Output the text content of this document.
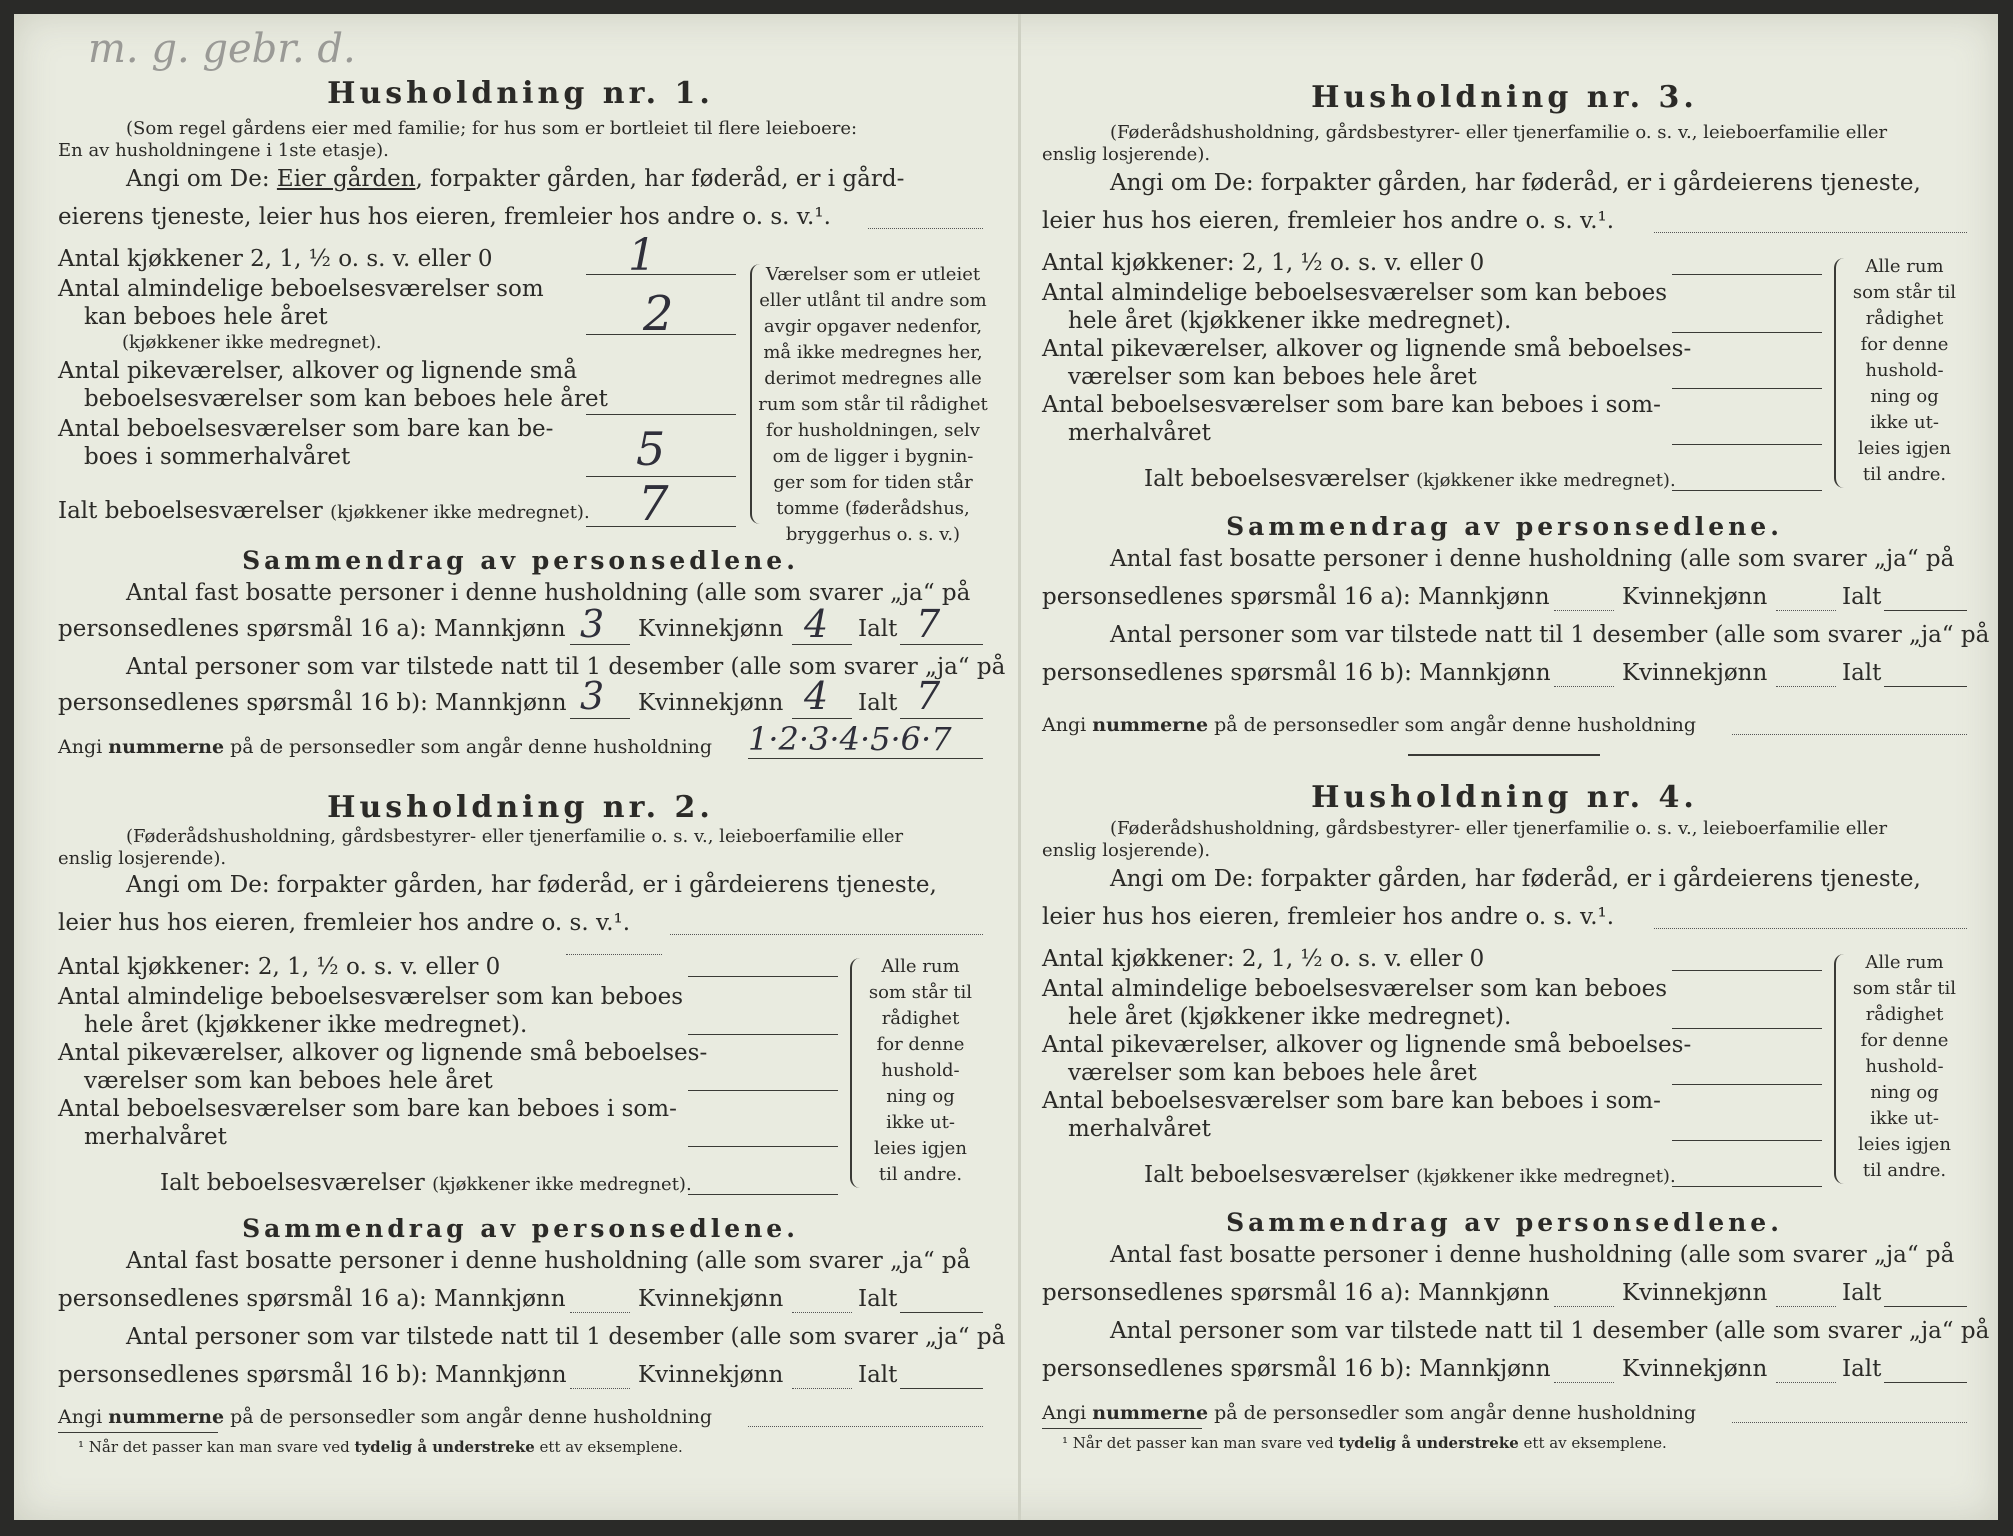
m. g. gebr. d.
Husholdning nr. 1.
(Som regel gårdens eier med familie; for hus som er bortleiet til flere leieboere:
En av husholdningene i 1ste etasje).
Angi om De: Eier gården, forpakter gården, har føderåd, er i gård-
eierens tjeneste, leier hus hos eieren, fremleier hos andre o. s. v.¹.
Antal kjøkkener 2, 1, ½ o. s. v. eller 0	1
Antal almindelige beboelsesværelser som
kan beboes hele året
(kjøkkener ikke medregnet).
2
Antal pikeværelser, alkover og lignende små
beboelsesværelser som kan beboes hele året
Antal beboelsesværelser som bare kan be-
boes i sommerhalvåret	5
Ialt beboelsesværelser (kjøkkener ikke medregnet). 7
Værelser som er utleiet
eller utlånt til andre som
avgir opgaver nedenfor,
må ikke medregnes her,
derimot medregnes alle
rum som står til rådighet
for husholdningen, selv
om de ligger i bygnin-
ger som for tiden står
tomme (føderådshus,
bryggerhus o. s. v.)
Sammendrag av personsedlene.
Antal fast bosatte personer i denne husholdning (alle som svarer „ja“ på
personsedlenes spørsmål 16 a): Mannkjønn 3 Kvinnekjønn 4 Ialt 7
Antal personer som var tilstede natt til 1 desember (alle som svarer „ja“ på
personsedlenes spørsmål 16 b): Mannkjønn 3 Kvinnekjønn 4 Ialt 7
Angi nummerne på de personsedler som angår denne husholdning 1·2·3·4·5·6·7
Husholdning nr. 2.
(Føderådshusholdning, gårdsbestyrer- eller tjenerfamilie o. s. v., leieboerfamilie eller
enslig losjerende).
Angi om De: forpakter gården, har føderåd, er i gårdeierens tjeneste,
leier hus hos eieren, fremleier hos andre o. s. v.¹.
Antal kjøkkener: 2, 1, ½ o. s. v. eller 0
Antal almindelige beboelsesværelser som kan beboes
hele året (kjøkkener ikke medregnet).
Antal pikeværelser, alkover og lignende små beboelses-
værelser som kan beboes hele året
Antal beboelsesværelser som bare kan beboes i som-
merhalvåret
Ialt beboelsesværelser (kjøkkener ikke medregnet).
Alle rum
som står til
rådighet
for denne
hushold-
ning og
ikke ut-
leies igjen
til andre.
Sammendrag av personsedlene.
Antal fast bosatte personer i denne husholdning (alle som svarer „ja“ på
personsedlenes spørsmål 16 a): Mannkjønn	Kvinnekjønn	Ialt
Antal personer som var tilstede natt til 1 desember (alle som svarer „ja“ på
personsedlenes spørsmål 16 b): Mannkjønn	Kvinnekjønn	Ialt
Angi nummerne på de personsedler som angår denne husholdning
¹ Når det passer kan man svare ved tydelig å understreke ett av eksemplene.
Husholdning nr. 3.
(Føderådshusholdning, gårdsbestyrer- eller tjenerfamilie o. s. v., leieboerfamilie eller
enslig losjerende).
Angi om De: forpakter gården, har føderåd, er i gårdeierens tjeneste,
leier hus hos eieren, fremleier hos andre o. s. v.¹.
Antal kjøkkener: 2, 1, ½ o. s. v. eller 0
Antal almindelige beboelsesværelser som kan beboes
hele året (kjøkkener ikke medregnet).
Antal pikeværelser, alkover og lignende små beboelses-
værelser som kan beboes hele året
Antal beboelsesværelser som bare kan beboes i som-
merhalvåret
Ialt beboelsesværelser (kjøkkener ikke medregnet).
Alle rum
som står til
rådighet
for denne
hushold-
ning og
ikke ut-
leies igjen
til andre.
Sammendrag av personsedlene.
Antal fast bosatte personer i denne husholdning (alle som svarer „ja“ på
personsedlenes spørsmål 16 a): Mannkjønn	Kvinnekjønn	Ialt
Antal personer som var tilstede natt til 1 desember (alle som svarer „ja“ på
personsedlenes spørsmål 16 b): Mannkjønn	Kvinnekjønn	Ialt
Angi nummerne på de personsedler som angår denne husholdning
Husholdning nr. 4.
(Føderådshusholdning, gårdsbestyrer- eller tjenerfamilie o. s. v., leieboerfamilie eller
enslig losjerende).
Angi om De: forpakter gården, har føderåd, er i gårdeierens tjeneste,
leier hus hos eieren, fremleier hos andre o. s. v.¹.
Antal kjøkkener: 2, 1, ½ o. s. v. eller 0
Antal almindelige beboelsesværelser som kan beboes
hele året (kjøkkener ikke medregnet).
Antal pikeværelser, alkover og lignende små beboelses-
værelser som kan beboes hele året
Antal beboelsesværelser som bare kan beboes i som-
merhalvåret
Ialt beboelsesværelser (kjøkkener ikke medregnet).
Alle rum
som står til
rådighet
for denne
hushold-
ning og
ikke ut-
leies igjen
til andre.
Sammendrag av personsedlene.
Antal fast bosatte personer i denne husholdning (alle som svarer „ja“ på
personsedlenes spørsmål 16 a): Mannkjønn	Kvinnekjønn	Ialt
Antal personer som var tilstede natt til 1 desember (alle som svarer „ja“ på
personsedlenes spørsmål 16 b): Mannkjønn	Kvinnekjønn	Ialt
Angi nummerne på de personsedler som angår denne husholdning
¹ Når det passer kan man svare ved tydelig å understreke ett av eksemplene.
